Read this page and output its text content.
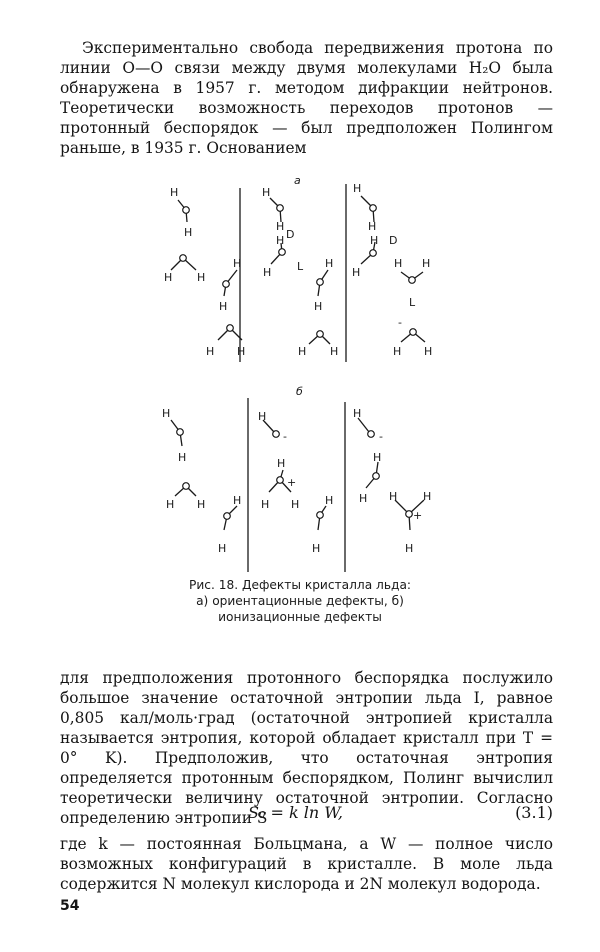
Экспериментально свобода передвижения протона по линии О—О связи между двумя молекулами H₂O была обнаружена в 1957 г. методом дифракции нейтронов. Теоретически возможность переходов протонов — протонный беспорядок — был предположен Полингом раньше, в 1935 г. Основанием

а
б
D
L
D
L
-
-
+
-
+
H
H
H H
H
H
H H
H
H
H
H
H
H
H H
H
H
H
H
H H
H H
H
H
H H	H
H
H
H
H H H
H
H
H
H H H
H
Рис. 18. Дефекты кристалла льда:
а) ориентационные дефекты, б) ионизационные дефекты

для предположения протонного беспорядка послужило большое значение остаточной энтропии льда I, равное 0,805 кал/моль·град (остаточной энтропией кристалла называется энтропия, которой обладает кристалл при T = 0° K). Предположив, что остаточная энтропия определяется протонным беспорядком, Полинг вычислил теоретически величину остаточной энтропии. Согласно определению энтропии S

S₀ = k ln W,	(3.1)

где k — постоянная Больцмана, а W — полное число возможных конфигураций в кристалле. В моле льда содержится N молекул кислорода и 2N молекул водорода.

54
